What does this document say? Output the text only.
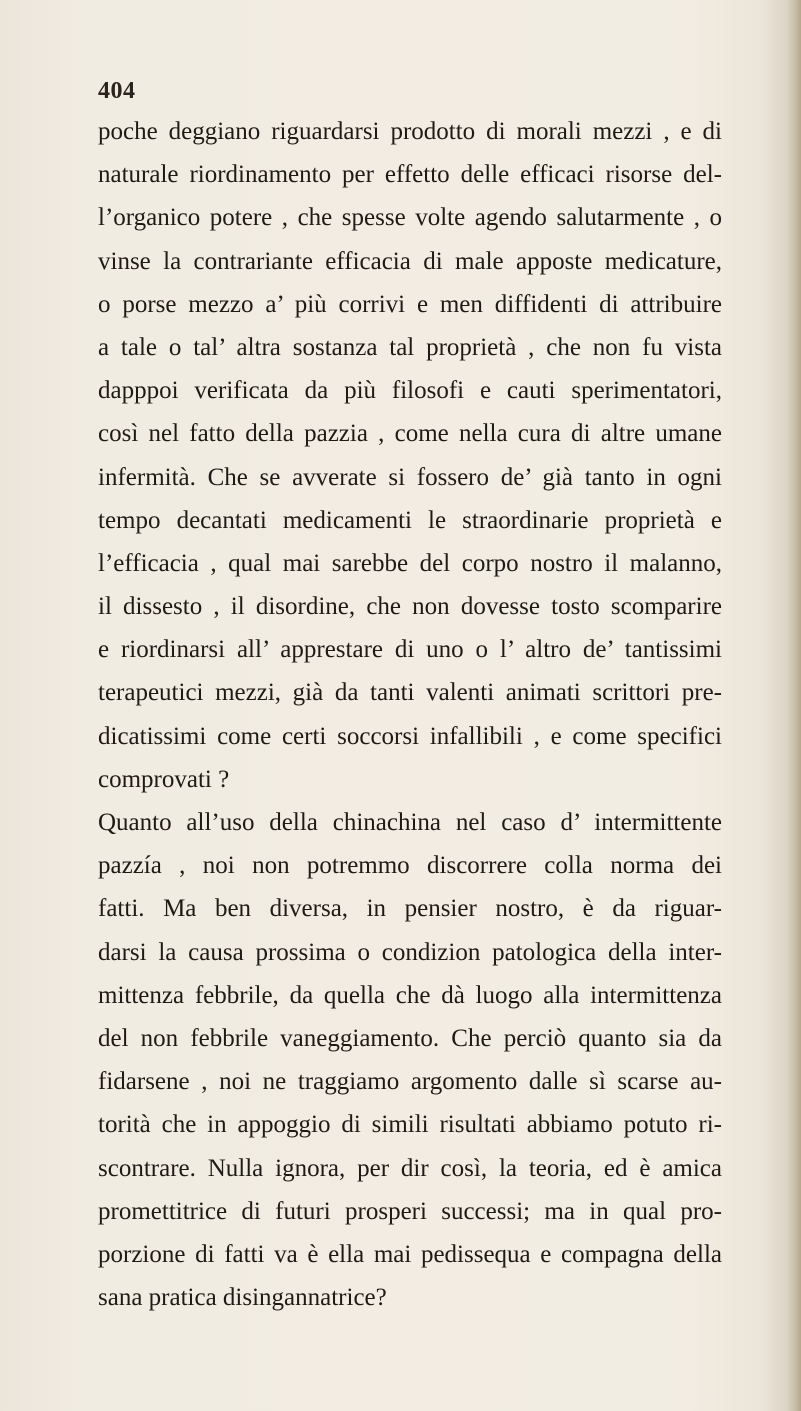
404
poche deggiano riguardarsi prodotto di morali mezzi , e di
naturale riordinamento per effetto delle efficaci risorse del-
l’organico potere , che spesse volte agendo salutarmente , o
vinse la contrariante efficacia di male apposte medicature,
o porse mezzo a’ più corrivi e men diffidenti di attribuire
a tale o tal’ altra sostanza tal proprietà , che non fu vista
dapppoi verificata da più filosofi e cauti sperimentatori,
così nel fatto della pazzia , come nella cura di altre umane
infermità. Che se avverate si fossero de’ già tanto in ogni
tempo decantati medicamenti le straordinarie proprietà e
l’efficacia , qual mai sarebbe del corpo nostro il malanno,
il dissesto , il disordine, che non dovesse tosto scomparire
e riordinarsi all’ apprestare di uno o l’ altro de’ tantissimi
terapeutici mezzi, già da tanti valenti animati scrittori pre-
dicatissimi come certi soccorsi infallibili , e come specifici
comprovati ?
Quanto all’uso della chinachina nel caso d’ intermittente
pazzía , noi non potremmo discorrere colla norma dei
fatti. Ma ben diversa, in pensier nostro, è da riguar-
darsi la causa prossima o condizion patologica della inter-
mittenza febbrile, da quella che dà luogo alla intermittenza
del non febbrile vaneggiamento. Che perciò quanto sia da
fidarsene , noi ne traggiamo argomento dalle sì scarse au-
torità che in appoggio di simili risultati abbiamo potuto ri-
scontrare. Nulla ignora, per dir così, la teoria, ed è amica
promettitrice di futuri prosperi successi; ma in qual pro-
porzione di fatti va è ella mai pedissequa e compagna della
sana pratica disingannatrice?
